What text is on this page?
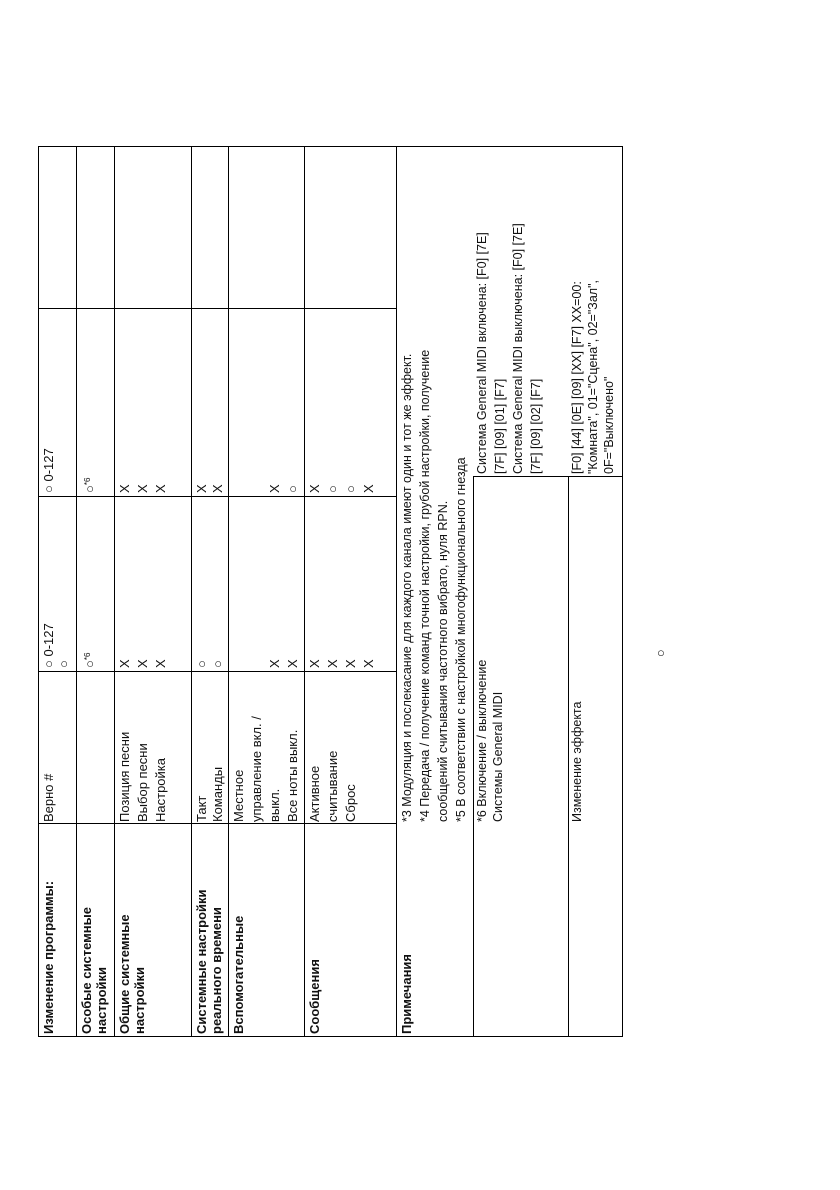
Изменение программы:
Верно #
○ 0-127 ○
○ 0-127
Особые системные настройки
○$^{*6}$
○$^{*6}$
Общие системные настройки
Позиция песни Выбор песни Настройка
X X X
X X X
Системные настройки реального времени
Такт Команды
○ ○
X X
Вспомогательные
Местное управление вкл. / выкл. Все ноты выкл.
X X
X ○
Сообщения
Активное считывание Сброс
X X X X
X ○ ○ X
Примечания
*3 Модуляция и послекасание для каждого канала имеют один и тот же эффект. *4 Передача / получение команд точной настройки, грубой настройки, получение сообщений считывания частотного вибрато, нуля RPN. *5 В соответствии с настройкой многофункционального гнезда *6 Включение / выключение Системы General MIDI
Система General MIDI включена: [F0] [7E] [7F] [09] [01] [F7] Система General MIDI выключена: [F0] [7E] [7F] [09] [02] [F7]
Изменение эффекта
[F0] [44] [0E] [09] [XX] [F7] XX=00: "Комната", 01="Сцена", 02="Зал", 0F="Выключено"
○
